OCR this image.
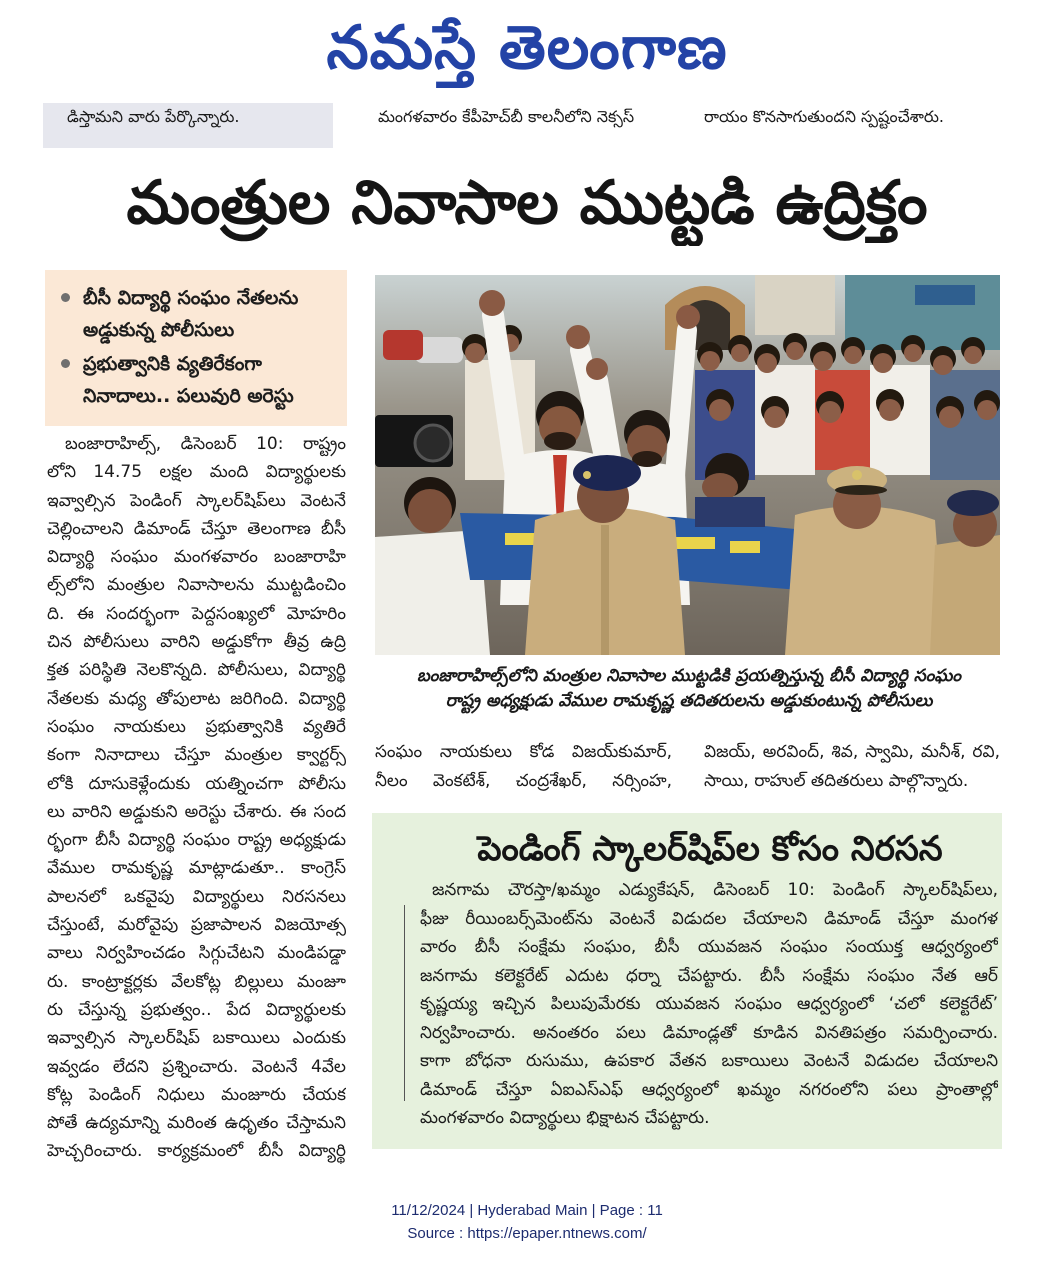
నమస్తే తెలంగాణ
డిస్తామని వారు పేర్కొన్నారు.	మంగళవారం కేపీహెచ్‌బీ కాలనీలోని నెక్సస్	రాయం కొనసాగుతుందని స్పష్టంచేశారు.
మంత్రుల నివాసాల ముట్టడి ఉద్రిక్తం
బీసీ విద్యార్థి సంఘం నేతలను
అడ్డుకున్న పోలీసులు
ప్రభుత్వానికి వ్యతిరేకంగా
నినాదాలు.. పలువురి అరెస్టు
బంజారాహిల్స్, డిసెంబర్ 10: రాష్ట్రం
లోని 14.75 లక్షల మంది విద్యార్థులకు
ఇవ్వాల్సిన పెండింగ్ స్కాలర్‌షిప్‌లు వెంటనే
చెల్లించాలని డిమాండ్ చేస్తూ తెలంగాణ బీసీ
విద్యార్థి సంఘం మంగళవారం బంజారాహి
ల్స్‌లోని మంత్రుల నివాసాలను ముట్టడించిం
ది. ఈ సందర్భంగా పెద్దసంఖ్యలో మోహరిం
చిన పోలీసులు వారిని అడ్డుకోగా తీవ్ర ఉద్రి
క్తత పరిస్థితి నెలకొన్నది. పోలీసులు, విద్యార్థి
నేతలకు మధ్య తోపులాట జరిగింది. విద్యార్థి
సంఘం నాయకులు ప్రభుత్వానికి వ్యతిరే
కంగా నినాదాలు చేస్తూ మంత్రుల క్వార్టర్స్
లోకి దూసుకెళ్లేందుకు యత్నించగా పోలీసు
లు వారిని అడ్డుకుని అరెస్టు చేశారు. ఈ సంద
ర్భంగా బీసీ విద్యార్థి సంఘం రాష్ట్ర అధ్యక్షుడు
వేముల రామకృష్ణ మాట్లాడుతూ.. కాంగ్రెస్
పాలనలో ఒకవైపు విద్యార్థులు నిరసనలు
చేస్తుంటే, మరోవైపు ప్రజాపాలన విజయోత్స
వాలు నిర్వహించడం సిగ్గుచేటని మండిపడ్డా
రు. కాంట్రాక్టర్లకు వేలకోట్ల బిల్లులు మంజూ
రు చేస్తున్న ప్రభుత్వం.. పేద విద్యార్థులకు
ఇవ్వాల్సిన స్కాలర్‌షిప్ బకాయిలు ఎందుకు
ఇవ్వడం లేదని ప్రశ్నించారు. వెంటనే 4వేల
కోట్ల పెండింగ్ నిధులు మంజూరు చేయక
పోతే ఉద్యమాన్ని మరింత ఉధృతం చేస్తామని
హెచ్చరించారు. కార్యక్రమంలో బీసీ విద్యార్థి
బంజారాహిల్స్‌లోని మంత్రుల నివాసాల ముట్టడికి ప్రయత్నిస్తున్న బీసీ విద్యార్థి సంఘం
రాష్ట్ర అధ్యక్షుడు వేముల రామకృష్ణ తదితరులను అడ్డుకుంటున్న పోలీసులు
సంఘం నాయకులు కోడ విజయ్‌కుమార్,
నీలం వెంకటేశ్, చంద్రశేఖర్, నర్సింహ,
విజయ్, అరవింద్, శివ, స్వామి, మనీశ్, రవి,
సాయి, రాహుల్ తదితరులు పాల్గొన్నారు.
పెండింగ్ స్కాలర్‌షిప్‌ల కోసం నిరసన
జనగామ చౌరస్తా/ఖమ్మం ఎడ్యుకేషన్, డిసెంబర్ 10: పెండింగ్ స్కాలర్‌షిప్‌లు,
ఫీజు రీయింబర్స్‌మెంట్‌ను వెంటనే విడుదల చేయాలని డిమాండ్ చేస్తూ మంగళ
వారం బీసీ సంక్షేమ సంఘం, బీసీ యువజన సంఘం సంయుక్త ఆధ్వర్యంలో
జనగామ కలెక్టరేట్ ఎదుట ధర్నా చేపట్టారు. బీసీ సంక్షేమ సంఘం నేత ఆర్
కృష్ణయ్య ఇచ్చిన పిలుపుమేరకు యువజన సంఘం ఆధ్వర్యంలో ‘చలో కలెక్టరేట్’
నిర్వహించారు. అనంతరం పలు డిమాండ్లతో కూడిన వినతిపత్రం సమర్పించారు.
కాగా బోధనా రుసుము, ఉపకార వేతన బకాయిలు వెంటనే విడుదల చేయాలని
డిమాండ్ చేస్తూ ఏఐఎస్ఎఫ్ ఆధ్వర్యంలో ఖమ్మం నగరంలోని పలు ప్రాంతాల్లో
మంగళవారం విద్యార్థులు భిక్షాటన చేపట్టారు.
11/12/2024 | Hyderabad Main | Page : 11
Source : https://epaper.ntnews.com/
